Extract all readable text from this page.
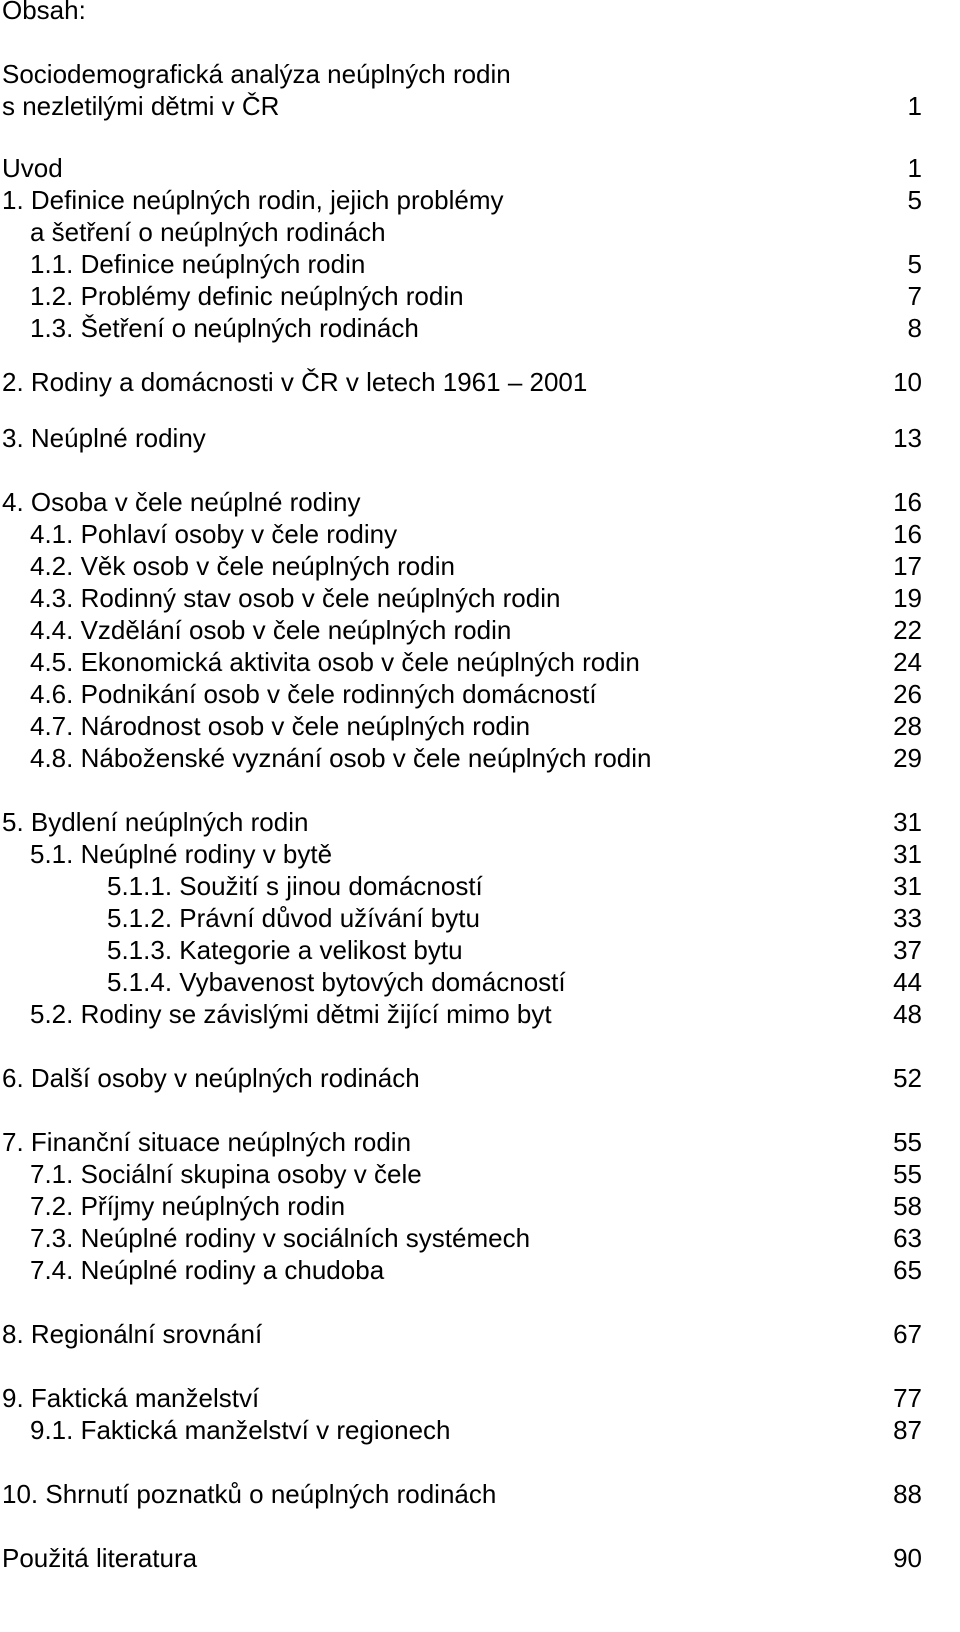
Obsah:
Sociodemografická analýza neúplných rodin
s nezletilými dětmi v ČR	1
Uvod	1
1. Definice neúplných rodin, jejich problémy	5
a šetření o neúplných rodinách
1.1. Definice neúplných rodin	5
1.2. Problémy definic neúplných rodin	7
1.3. Šetření o neúplných rodinách	8
2. Rodiny a domácnosti v ČR v letech 1961 – 2001	10
3. Neúplné rodiny	13
4. Osoba v čele neúplné rodiny	16
4.1. Pohlaví osoby v čele rodiny	16
4.2. Věk osob v čele neúplných rodin	17
4.3. Rodinný stav osob v čele neúplných rodin	19
4.4. Vzdělání osob v čele neúplných rodin	22
4.5. Ekonomická aktivita osob v čele neúplných rodin	24
4.6. Podnikání osob v čele rodinných domácností	26
4.7. Národnost osob v čele neúplných rodin	28
4.8. Náboženské vyznání osob v čele neúplných rodin	29
5. Bydlení neúplných rodin	31
5.1. Neúplné rodiny v bytě	31
5.1.1. Soužití s jinou domácností	31
5.1.2. Právní důvod užívání bytu	33
5.1.3. Kategorie a velikost bytu	37
5.1.4. Vybavenost bytových domácností	44
5.2. Rodiny se závislými dětmi žijící mimo byt	48
6. Další osoby v neúplných rodinách	52
7. Finanční situace neúplných rodin	55
7.1. Sociální skupina osoby v čele	55
7.2. Příjmy neúplných rodin	58
7.3. Neúplné rodiny v sociálních systémech	63
7.4. Neúplné rodiny a chudoba	65
8. Regionální srovnání	67
9. Faktická manželství	77
9.1. Faktická manželství v regionech	87
10. Shrnutí poznatků o neúplných rodinách	88
Použitá literatura	90
